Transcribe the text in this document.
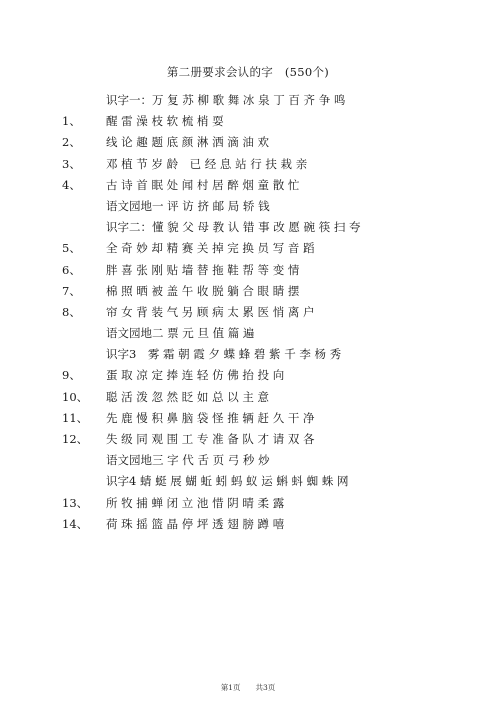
第二册要求会认的字　(550个)
识字一：万 复 苏 柳 歌 舞 冰 泉 丁 百 齐 争 鸣
1、 醒 雷 澡 枝 软 梳 梢 耍
2、 线 论 趣 题 底 颜 淋 洒 滴 油 欢
3、 邓 植 节 岁 龄　已 经 息 站 行 扶 栽 亲
4、 古 诗 首 眠 处 闻 村 居 醉 烟 童 散 忙
语文园地一 评 访 挤 邮 局 轿 钱
识字二：懂 貌 父 母 教 认 错 事 改 愿 碗 筷 扫 夸
5、 全 奇 妙 却 精 赛 关 掉 完 换 员 写 音 蹈
6、 胖 喜 张 刚 贴 墙 替 拖 鞋 帮 等 变 情
7、 棉 照 晒 被 盖 午 收 脱 躺 合 眼 睛 摆
8、 帘 女 背 装 气 另 顾 病 太 累 医 悄 离 户
语文园地二 票 元 旦 值 篇 遍
识字3　雾 霜 朝 霞 夕 蝶 蜂 碧 紫 千 李 杨 秀
9、 蛋 取 凉 定 捧 连 轻 仿 佛 抬 投 向
10、 聪 活 泼 忽 然 眨 如 总 以 主 意
11、 先 鹿 慢 积 鼻 脑 袋 怪 推 辆 赶 久 干 净
12、 失 级 同 观 围 工 专 准 备 队 才 请 双 各
语文园地三 字 代 舌 页 弓 秒 炒
识字4 蜻 蜓 展 蝴 蚯 蚓 蚂 蚁 运 蝌 蚪 蜘 蛛 网
13、 所 牧 捕 蝉 闭 立 池 惜 阴 晴 柔 露
14、 荷 珠 摇 篮 晶 停 坪 透 翅 膀 蹲 嘻
第1页　　共3页
